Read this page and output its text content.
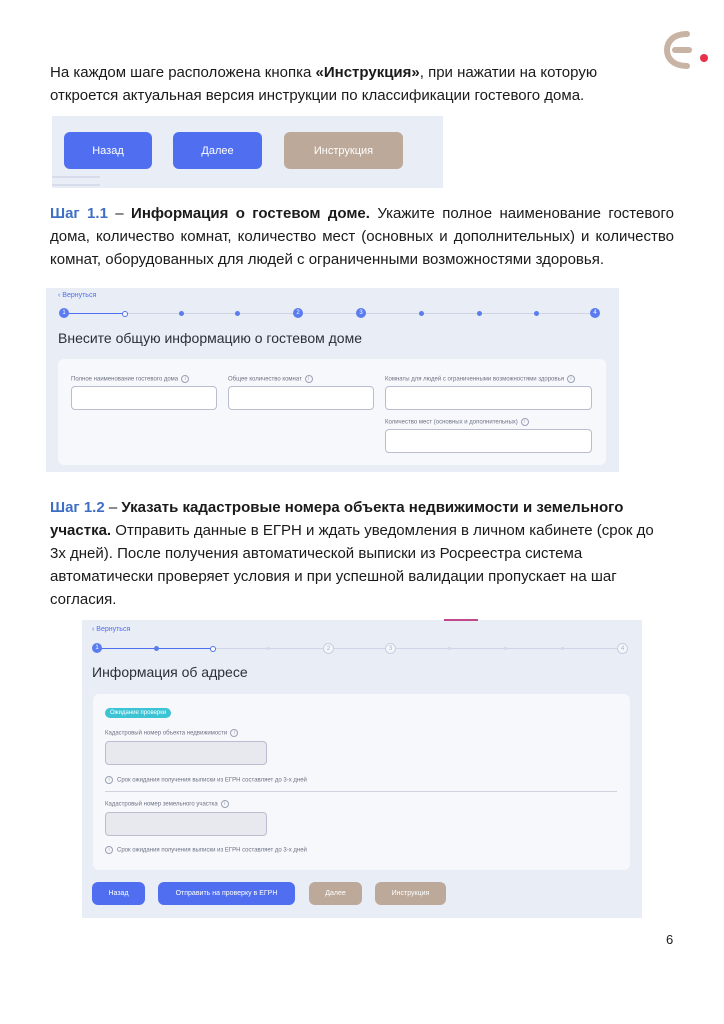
На каждом шаге расположена кнопка «Инструкция», при нажатии на которую откроется актуальная версия инструкции по классификации гостевого дома.
Назад	Далее	Инструкция
Шаг 1.1 – Информация о гостевом доме. Укажите полное наименование гостевого дома, количество комнат, количество мест (основных и дополнительных) и количество комнат, оборудованных для людей с ограниченными возможностями здоровья.
‹ Вернуться
1	2	3	4
Внесите общую информацию о гостевом доме
Полное наименование гостевого дома i	Общее количество комнат i	Комнаты для людей с ограниченными возможностями здоровья i
Количество мест (основных и дополнительных) i
Шаг 1.2 – Указать кадастровые номера объекта недвижимости и земельного участка. Отправить данные в ЕГРН и ждать уведомления в личном кабинете (срок до 3х дней). После получения автоматической выписки из Росреестра система автоматически проверяет условия и при успешной валидации пропускает на шаг согласия.
‹ Вернуться
1	2	3	4
Информация об адресе
Ожидание проверки
Кадастровый номер объекта недвижимости i
i Срок ожидания получения выписки из ЕГРН составляет до 3-х дней
Кадастровый номер земельного участка i
i Срок ожидания получения выписки из ЕГРН составляет до 3-х дней
Назад	Отправить на проверку в ЕГРН	Далее	Инструкция
6
